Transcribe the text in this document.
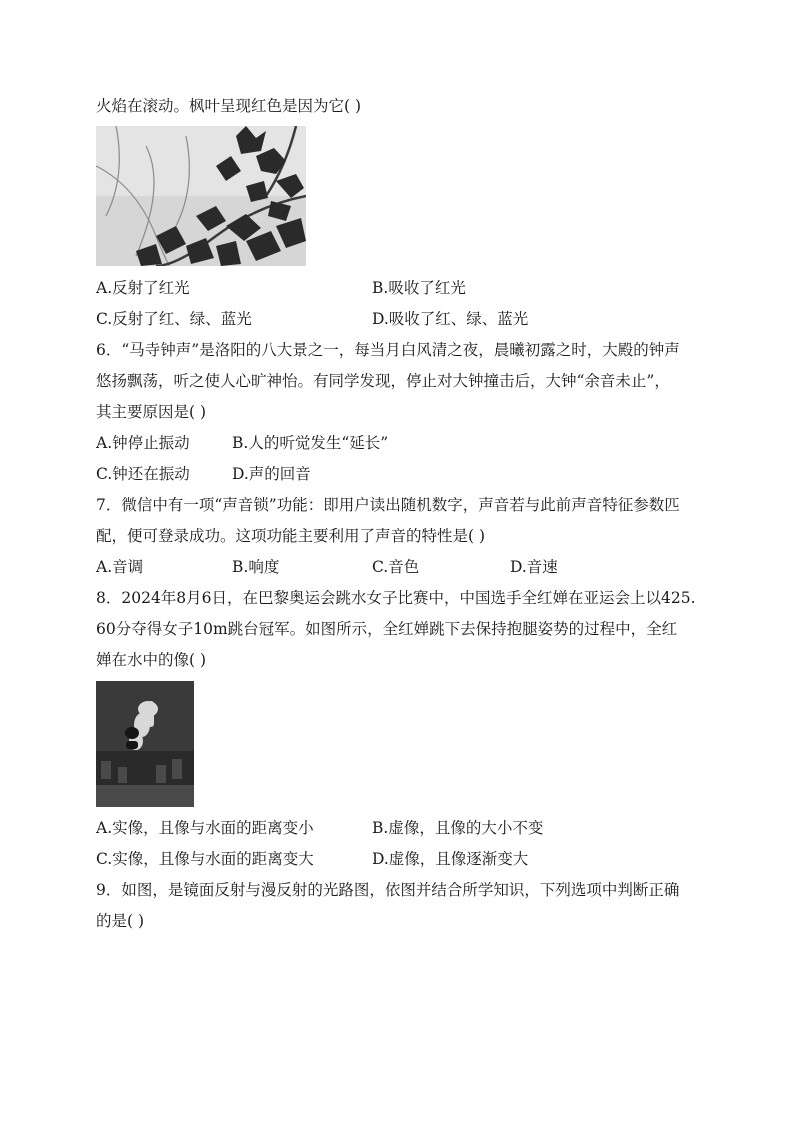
火焰在滚动。枫叶呈现红色是因为它( )
A.反射了红光	B.吸收了红光
C.反射了红、绿、蓝光	D.吸收了红、绿、蓝光
6．“马寺钟声”是洛阳的八大景之一，每当月白风清之夜，晨曦初露之时，大殿的钟声
悠扬飘荡，听之使人心旷神怡。有同学发现，停止对大钟撞击后，大钟“余音未止”，
其主要原因是( )
A.钟停止振动	B.人的听觉发生“延长”
C.钟还在振动	D.声的回音
7．微信中有一项“声音锁”功能：即用户读出随机数字，声音若与此前声音特征参数匹
配，便可登录成功。这项功能主要利用了声音的特性是( )
A.音调	B.响度	C.音色	D.音速
8．2024年8月6日，在巴黎奥运会跳水女子比赛中，中国选手全红婵在亚运会上以425.
60分夺得女子10m跳台冠军。如图所示，全红婵跳下去保持抱腿姿势的过程中，全红
婵在水中的像( )
A.实像，且像与水面的距离变小	B.虚像，且像的大小不变
C.实像，且像与水面的距离变大	D.虚像，且像逐渐变大
9．如图，是镜面反射与漫反射的光路图，依图并结合所学知识，下列选项中判断正确
的是( )
